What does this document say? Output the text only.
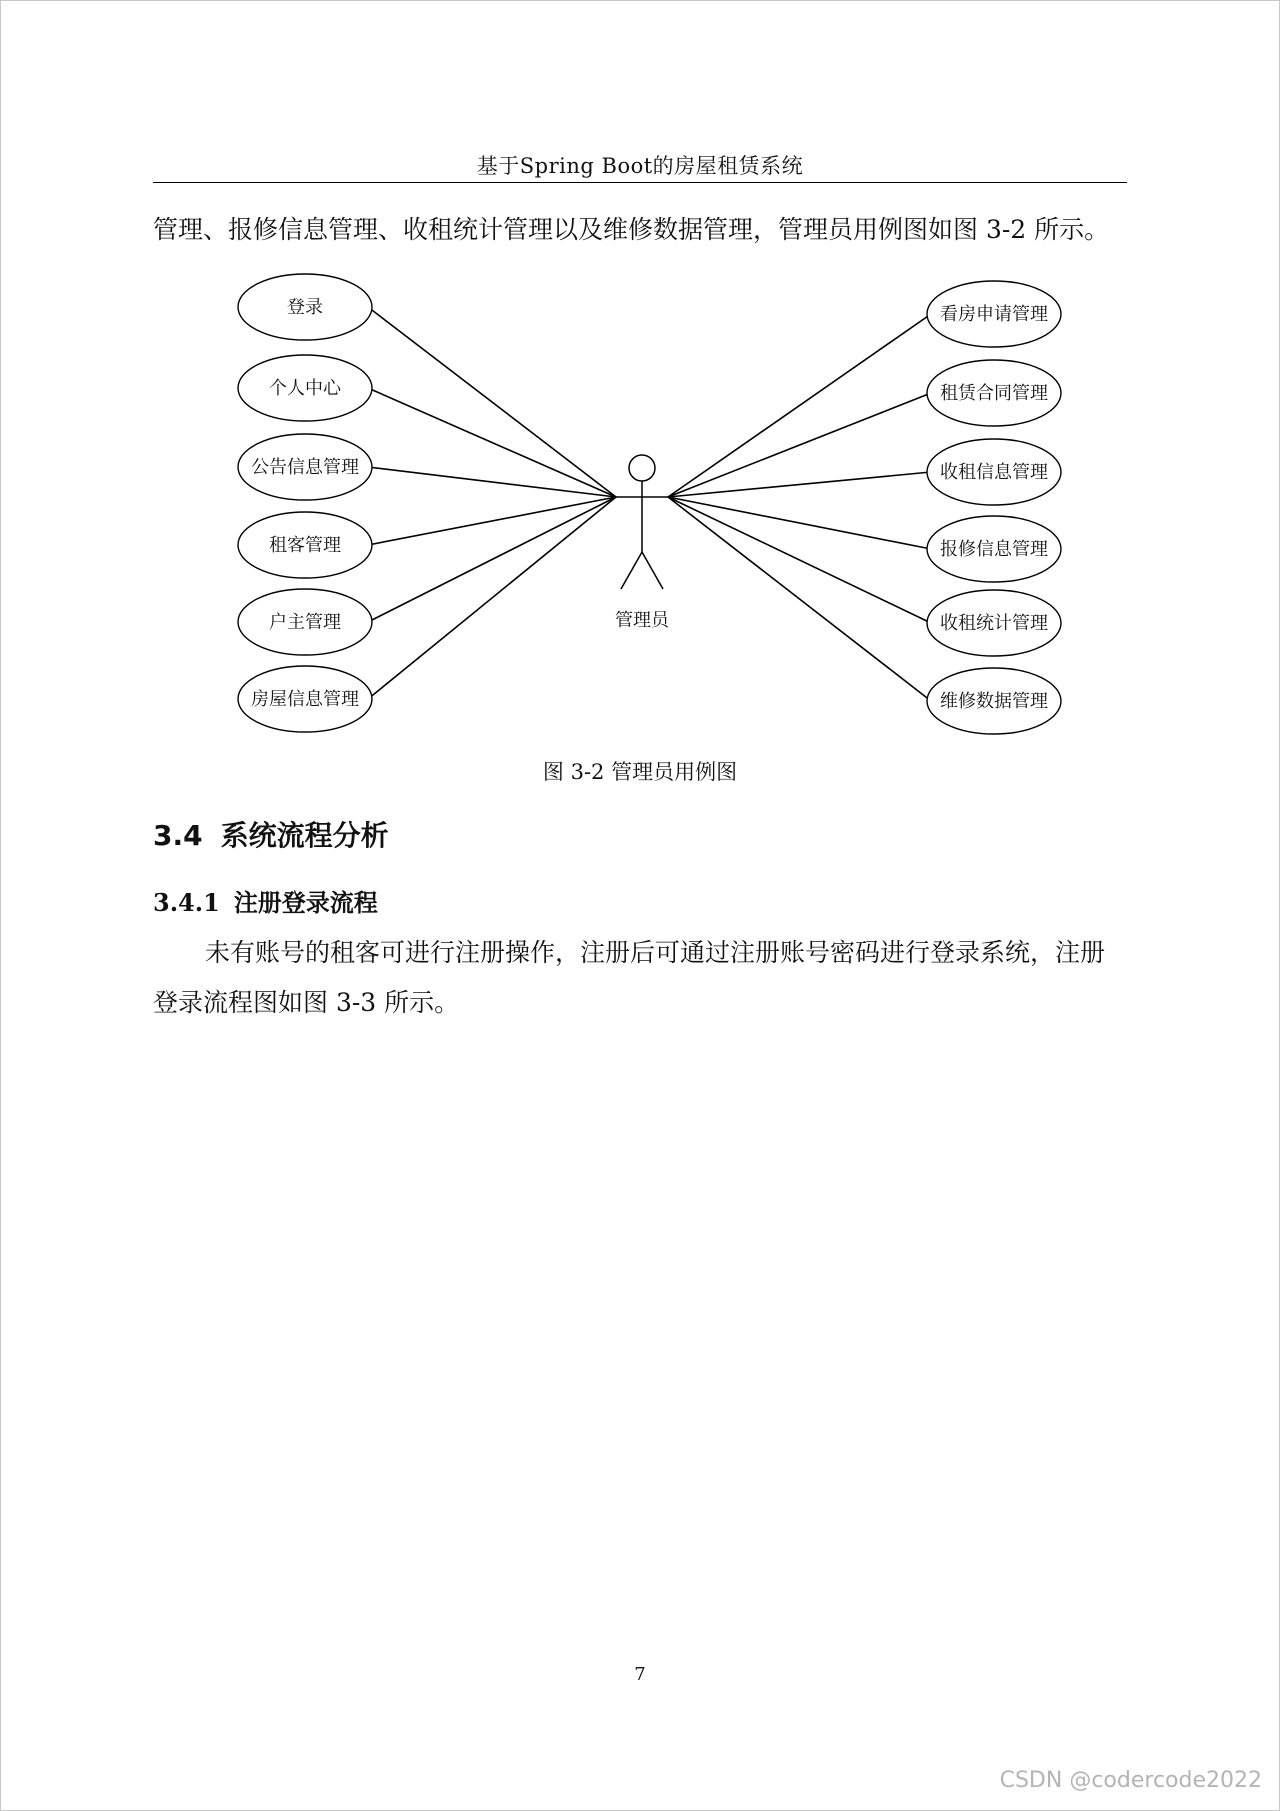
基于Spring Boot的房屋租赁系统

管理、报修信息管理、收租统计管理以及维修数据管理，管理员用例图如图 3-2 所示。

登录
个人中心
公告信息管理
租客管理
户主管理
房屋信息管理
看房申请管理
租赁合同管理
收租信息管理
报修信息管理
收租统计管理
维修数据管理
管理员
图 3-2 管理员用例图
3.4 系统流程分析
3.4.1 注册登录流程

未有账号的租客可进行注册操作，注册后可通过注册账号密码进行登录系统，注册登录流程图如图 3-3 所示。

7
CSDN @codercode2022
